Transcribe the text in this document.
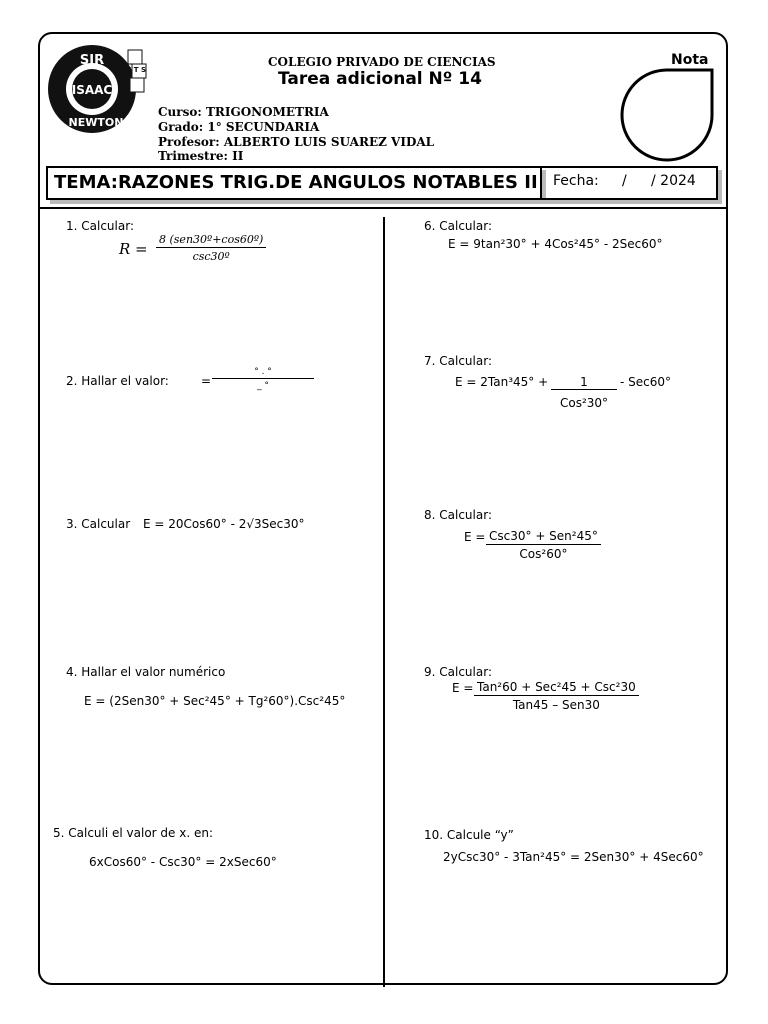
SIR
ISAAC
NEWTON
X T S
COLEGIO PRIVADO DE CIENCIAS
Tarea adicional Nº 14
Curso: TRIGONOMETRIA
Grado: 1° SECUNDARIA
Profesor: ALBERTO LUIS SUAREZ VIDAL
Trimestre: II
Nota
TEMA:RAZONES TRIG.DE ANGULOS NOTABLES II Fecha: / / 2024
1. Calcular:
R =
8 (sen30º+cos60º)
csc30º
2. Hallar el valor:	=
° . °
_ °
3. Calcular E = 20Cos60° - 2√3Sec30°
4. Hallar el valor numérico
E = (2Sen30° + Sec²45° + Tg²60°).Csc²45°
5. Calculi el valor de x. en:
6xCos60° - Csc30° = 2xSec60°
6. Calcular:
E = 9tan²30° + 4Cos²45° - 2Sec60°
7. Calcular:
E = 2Tan³45° +	1
Cos²30°
- Sec60°
8. Calcular:
E = Csc30° + Sen²45°
Cos²60°
9. Calcular:
E = Tan²60 + Sec²45 + Csc²30
Tan45 – Sen30
10. Calcule “y”
2yCsc30° - 3Tan²45° = 2Sen30° + 4Sec60°
